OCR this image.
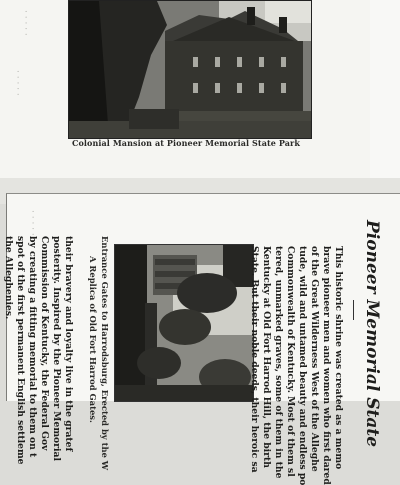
Colonial Mansion at Pioneer Memorial State Park
· · · · ·
· · · · ·
· · · · ·	Pioneer Memorial State
This historic shrine was created as a memo
brave pioneer men and women who first dared
of the Great Wilderness West of the Alleghe
tude, wild and untamed beauty and endless po
Commonwealth of Kentucky. Most of them sl
tered, unmarked graves, some of them in the
Kentucky at Old Fort Harrod Hill, the birth
State. But their noble deeds, their heroic sa
Entrance Gates to Harrodsburg, Erected by the W
A Replica of Old Fort Harrod Gates.
their bravery and loyalty live in the gratef
posterity. Inspired by the Pioneer Memorial
Commission of Kentucky, the Federal Gov
by creating a fitting memorial to them on t
spot of the first permanent English settleme
the Alleghenies.
